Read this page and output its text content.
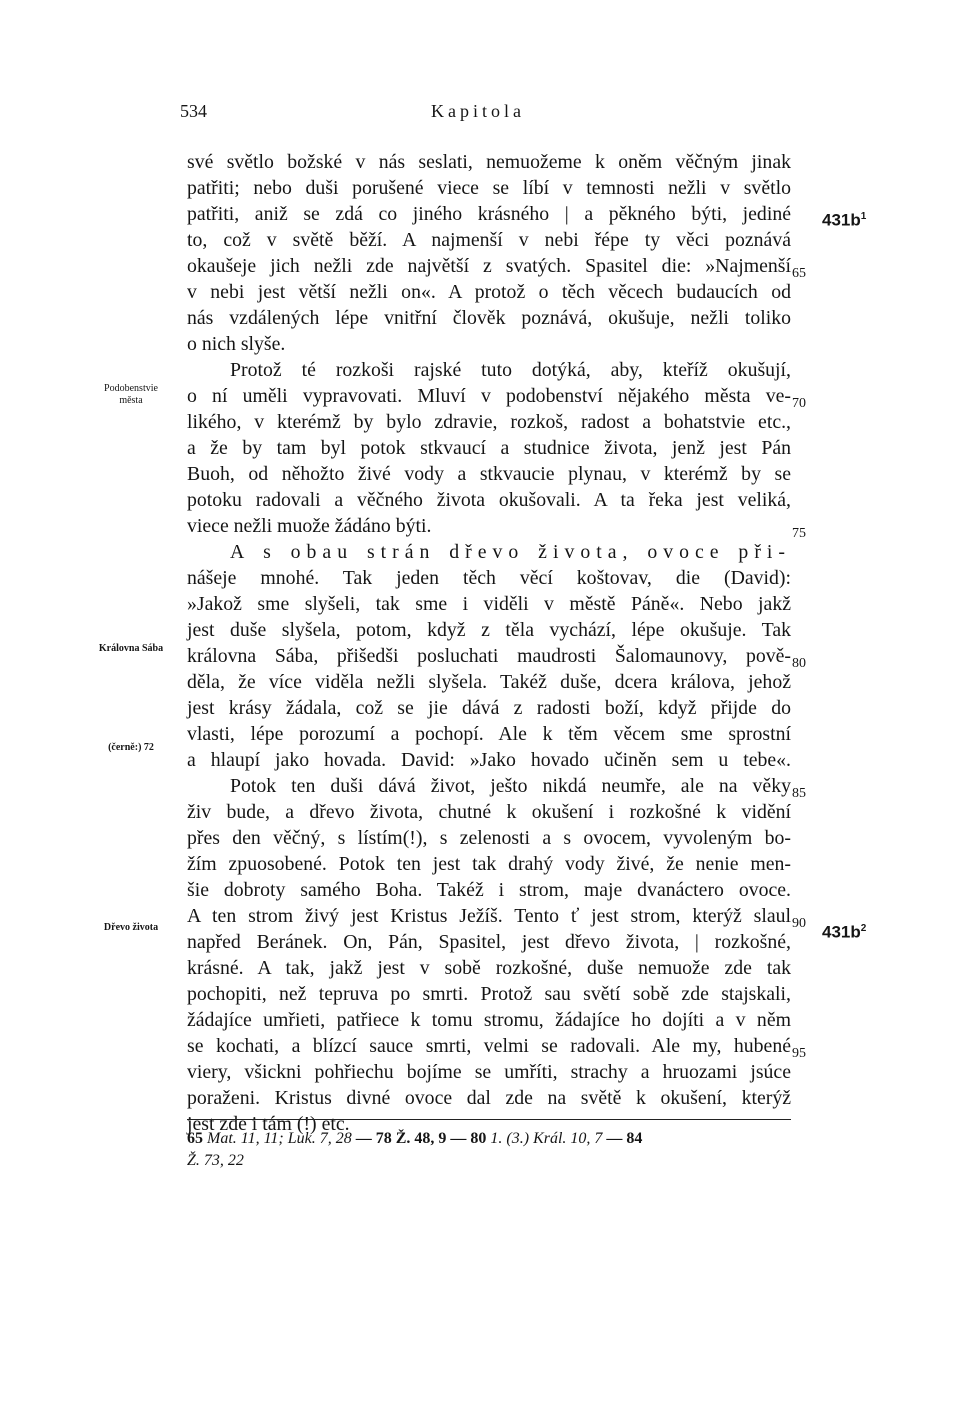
534	Kapitola
své světlo božské v nás seslati, nemuožeme k oněm věčným jinak
patřiti; nebo duši porušené viece se líbí v temnosti nežli v světlo
patřiti, aniž se zdá co jiného krásného | a pěkného býti, jediné
to, což v světě běží. A najmenší v nebi řépe ty věci poznává
okaušeje jich nežli zde najvětší z svatých. Spasitel die: »Najmenší
v nebi jest větší nežli on«. A protož o těch věcech budaucích od
nás vzdálených lépe vnitřní člověk poznává, okušuje, nežli toliko
o nich slyše.
Protož té rozkoši rajské tuto dotýká, aby, kteříž okušují,
o ní uměli vypravovati. Mluví v podobenství nějakého města ve-
likého, v kterémž by bylo zdravie, rozkoš, radost a bohatstvie etc.,
a že by tam byl potok stkvaucí a studnice života, jenž jest Pán
Buoh, od něhožto živé vody a stkvaucie plynau, v kterémž by se
potoku radovali a věčného života okušovali. A ta řeka jest veliká,
viece nežli muože žádáno býti.
A s obau strán dřevo života, ovoce při-
nášeje mnohé. Tak jeden těch věcí koštovav, die (David):
»Jakož sme slyšeli, tak sme i viděli v městě Páně«. Nebo jakž
jest duše slyšela, potom, když z těla vychází, lépe okušuje. Tak
královna Sába, přišedši posluchati maudrosti Šalomaunovy, pově-
děla, že více viděla nežli slyšela. Takéž duše, dcera králova, jehož
jest krásy žádala, což se jie dává z radosti boží, když přijde do
vlasti, lépe porozumí a pochopí. Ale k těm věcem sme sprostní
a hlaupí jako hovada. David: »Jako hovado učiněn sem u tebe«.
Potok ten duši dává život, ješto nikdá neumře, ale na věky
živ bude, a dřevo života, chutné k okušení i rozkošné k vidění
přes den věčný, s lístím(!), s zelenosti a s ovocem, vyvoleným bo-
žím zpuosobené. Potok ten jest tak drahý vody živé, že nenie men-
šie dobroty samého Boha. Takéž i strom, maje dvanáctero ovoce.
A ten strom živý jest Kristus Ježíš. Tento ť jest strom, kterýž slaul
napřed Beránek. On, Pán, Spasitel, jest dřevo života, | rozkošné,
krásné. A tak, jakž jest v sobě rozkošné, duše nemuože zde tak
pochopiti, než tepruva po smrti. Protož sau světí sobě zde stajskali,
žádajíce umřieti, patřiece k tomu stromu, žádajíce ho dojíti a v něm
se kochati, a blízcí sauce smrti, velmi se radovali. Ale my, hubené
viery, všickni pohřiechu bojíme se umříti, strachy a hruozami jsúce
poraženi. Kristus divné ovoce dal zde na světě k okušení, kterýž
jest zde i tám (!) etc.
65
70
75
80
85
90
95
$431b^1$
$431b^2$
Podobenstvie
města
Královna Sába
(černě:) 72
Dřevo života
65 Mat. 11, 11; Luk. 7, 28 — 78 Ž. 48, 9 — 80 1. (3.) Král. 10, 7 — 84
Ž. 73, 22
